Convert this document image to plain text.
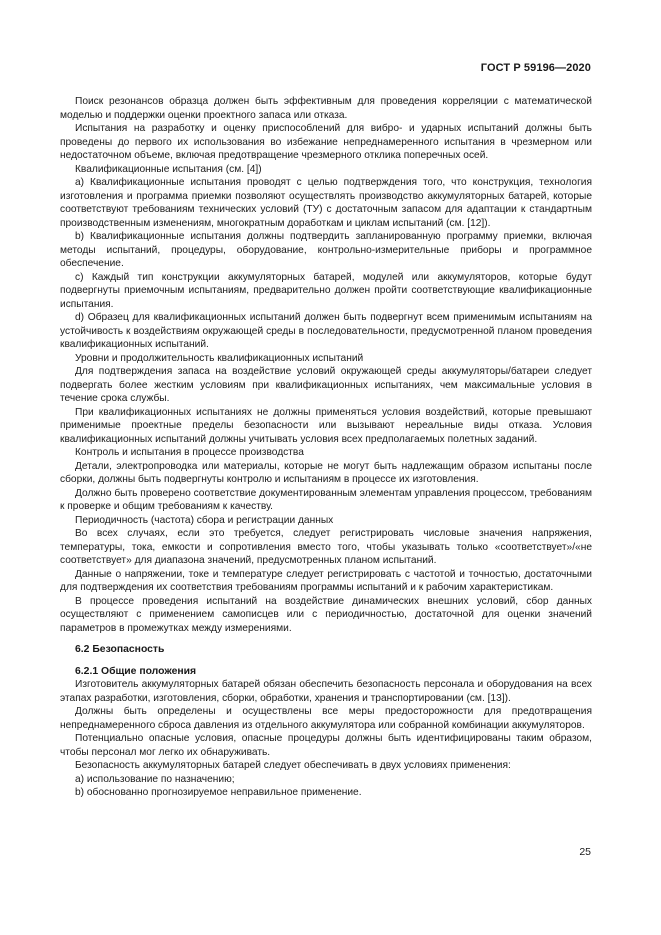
ГОСТ Р 59196—2020

Поиск резонансов образца должен быть эффективным для проведения корреляции с математической моделью и поддержки оценки проектного запаса или отказа.

Испытания на разработку и оценку приспособлений для вибро- и ударных испытаний должны быть проведены до первого их использования во избежание непреднамеренного испытания в чрезмерном или недостаточном объеме, включая предотвращение чрезмерного отклика поперечных осей.

Квалификационные испытания (см. [4])

a) Квалификационные испытания проводят с целью подтверждения того, что конструкция, технология изготовления и программа приемки позволяют осуществлять производство аккумуляторных батарей, которые соответствуют требованиям технических условий (ТУ) с достаточным запасом для адаптации к стандартным производственным изменениям, многократным доработкам и циклам испытаний (см. [12]).

b) Квалификационные испытания должны подтвердить запланированную программу приемки, включая методы испытаний, процедуры, оборудование, контрольно-измерительные приборы и программное обеспечение.

c) Каждый тип конструкции аккумуляторных батарей, модулей или аккумуляторов, которые будут подвергнуты приемочным испытаниям, предварительно должен пройти соответствующие квалификационные испытания.

d) Образец для квалификационных испытаний должен быть подвергнут всем применимым испытаниям на устойчивость к воздействиям окружающей среды в последовательности, предусмотренной планом проведения квалификационных испытаний.

Уровни и продолжительность квалификационных испытаний

Для подтверждения запаса на воздействие условий окружающей среды аккумуляторы/батареи следует подвергать более жестким условиям при квалификационных испытаниях, чем максимальные условия в течение срока службы.

При квалификационных испытаниях не должны применяться условия воздействий, которые превышают применимые проектные пределы безопасности или вызывают нереальные виды отказа. Условия квалификационных испытаний должны учитывать условия всех предполагаемых полетных заданий.

Контроль и испытания в процессе производства

Детали, электропроводка или материалы, которые не могут быть надлежащим образом испытаны после сборки, должны быть подвергнуты контролю и испытаниям в процессе их изготовления.

Должно быть проверено соответствие документированным элементам управления процессом, требованиям к проверке и общим требованиям к качеству.

Периодичность (частота) сбора и регистрации данных

Во всех случаях, если это требуется, следует регистрировать числовые значения напряжения, температуры, тока, емкости и сопротивления вместо того, чтобы указывать только «соответствует»/«не соответствует» для диапазона значений, предусмотренных планом испытаний.

Данные о напряжении, токе и температуре следует регистрировать с частотой и точностью, достаточными для подтверждения их соответствия требованиям программы испытаний и к рабочим характеристикам.

В процессе проведения испытаний на воздействие динамических внешних условий, сбор данных осуществляют с применением самописцев или с периодичностью, достаточной для оценки значений параметров в промежутках между измерениями.

6.2 Безопасность
6.2.1 Общие положения

Изготовитель аккумуляторных батарей обязан обеспечить безопасность персонала и оборудования на всех этапах разработки, изготовления, сборки, обработки, хранения и транспортировании (см. [13]).

Должны быть определены и осуществлены все меры предосторожности для предотвращения непреднамеренного сброса давления из отдельного аккумулятора или собранной комбинации аккумуляторов.

Потенциально опасные условия, опасные процедуры должны быть идентифицированы таким образом, чтобы персонал мог легко их обнаруживать.

Безопасность аккумуляторных батарей следует обеспечивать в двух условиях применения:

a) использование по назначению;

b) обоснованно прогнозируемое неправильное применение.

25
